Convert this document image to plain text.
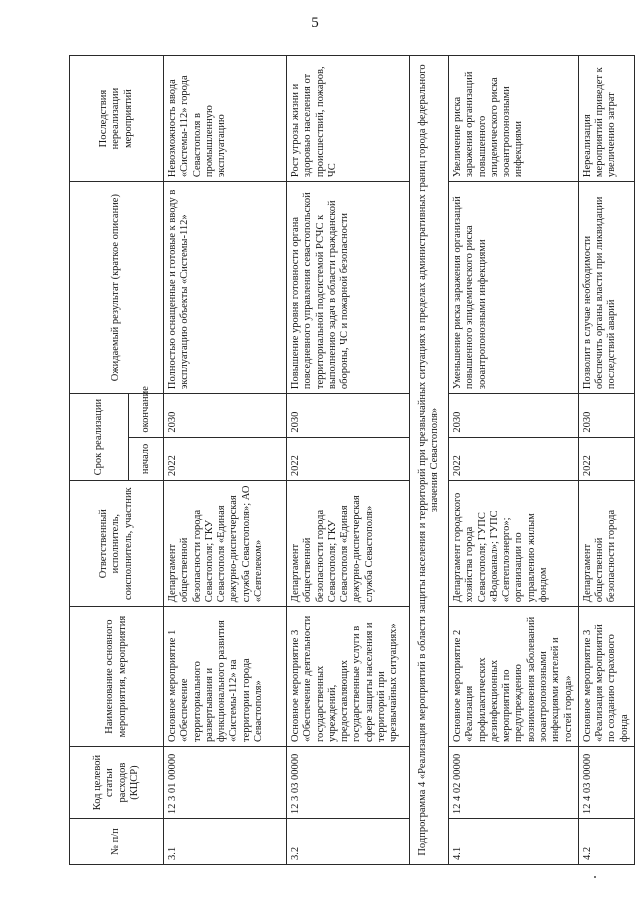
5
№ п/п	Код целевой статьи расходов (КЦСР)	Наименование основного мероприятия, мероприятия	Ответственный исполнитель, соисполнитель, участник	Срок реализации		Ожидаемый результат (краткое описание)	Последствия нереализации мероприятий
				начало	окончание		
3.1	12 3 01 00000	Основное мероприятие 1 «Обеспечение территориального развертывания и функционального развития «Системы-112» на территории города Севастополя»	Департамент общественной безопасности города Севастополя; ГКУ Севастополя «Единая дежурно-диспетчерская служба Севастополя»; АО «Севтелеком»	2022	2030	Полностью оснащенные и готовые к вводу в эксплуатацию объекты «Системы-112»	Невозможность ввода «Системы-112» города Севастополя в промышленную эксплуатацию
3.2	12 3 03 00000	Основное мероприятие 3 «Обеспечение деятельности государственных учреждений, предоставляющих государственные услуги в сфере защиты населения и территорий при чрезвычайных ситуациях»	Департамент общественной безопасности города Севастополя; ГКУ Севастополя «Единая дежурно-диспетчерская служба Севастополя»	2022	2030	Повышение уровня готовности органа повседневного управления севастопольской территориальной подсистемой РСЧС к выполнению задач в области гражданской обороны, ЧС и пожарной безопасности	Рост угрозы жизни и здоровью населения от происшествий, пожаров, ЧС
Подпрограмма 4 «Реализация мероприятий в области защиты населения и территорий при чрезвычайных ситуациях в пределах административных границ города федерального значения Севастополя»							
4.1	12 4 02 00000	Основное мероприятие 2 «Реализация профилактических дезинфекционных мероприятий по предупреждению возникновения заболеваний зооантропонозными инфекциями жителей и гостей города»	Департамент городского хозяйства города Севастополя; ГУПС «Водоканал»; ГУПС «Севтеплоэнерго»; организации по управлению жилым фондом	2022	2030	Уменьшение риска заражения организаций повышенного эпидемического риска зооантропонозными инфекциями	Увеличение риска заражения организаций повышенного эпидемического риска зооантропонозными инфекциями
4.2	12 4 03 00000	Основное мероприятие 3 «Реализация мероприятий по созданию страхового фонда	Департамент общественной безопасности города	2022	2030	Позволит в случае необходимости обеспечить органы власти при ликвидации последствий аварий	Нереализация мероприятий приведет к увеличению затрат
